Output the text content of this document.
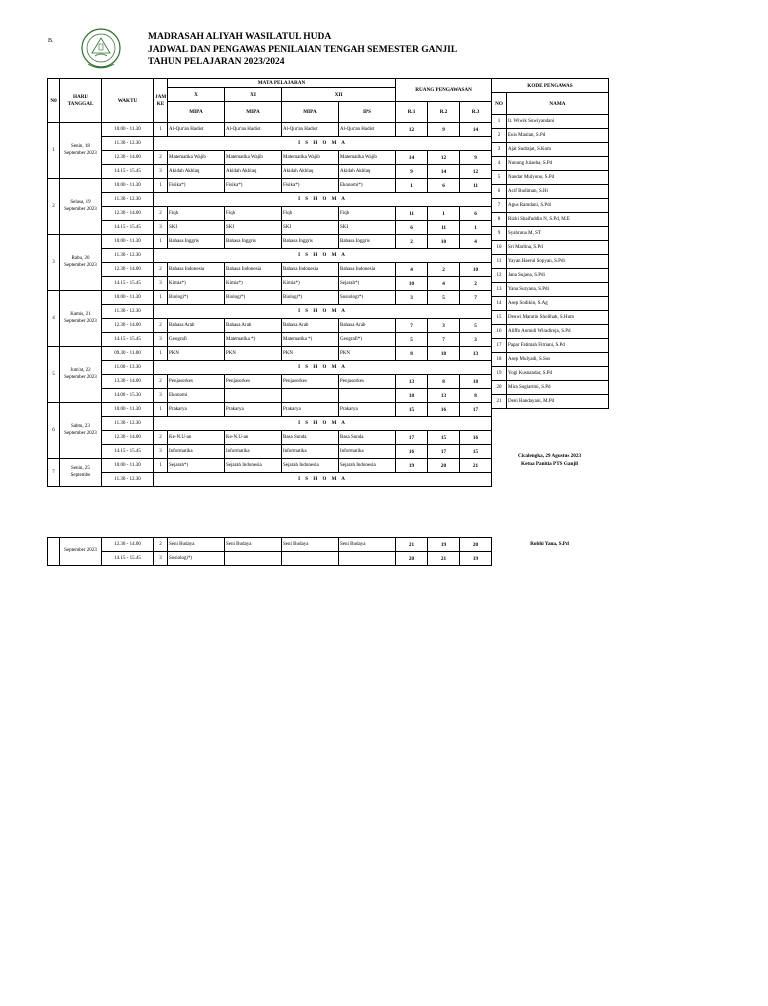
B.	MADRASAH ALIYAH WASILATUL HUDA
JADWAL DAN PENGAWAS PENILAIAN TENGAH SEMESTER GANJIL
TAHUN PELAJARAN 2023/2024
N0	HARI/ TANGGAL	WAKTU	JAM KE	MATA PELAJARAN				RUANG PENGAWASAN		
				X	XI	XII				
				MIPA	MIPA	MIPA	IPS	R.1	R.2	R.3
1	Senin, 18 September 2023	10.00 - 11.30	1	Al-Qur'an Hadist	Al-Qur'an Hadist	Al-Qur'an Hadist	Al-Qur'an Hadist	12	9	14
		11.30 - 12.30	I S H O M A							
		12.30 - 14.00	2	Matematika Wajib	Matematika Wajib	Matematika Wajib	Matematika Wajib	14	12	9
		14.15 - 15.45	3	Akidah Akhlaq	Akidah Akhlaq	Akidah Akhlaq	Akidah Akhlaq	9	14	12
2	Selasa, 19 September 2023	10.00 - 11.30	1	Fisika*)	Fisika*)	Fisika*)	Ekonomi*)	1	6	11
		11.30 - 12.30	I S H O M A							
		12.30 - 14.00	2	Fiqh	Fiqh	Fiqh	Fiqh	11	1	6
		14.15 - 15.45	3	SKI	SKI	SKI	SKI	6	11	1
3	Rabu, 20 September 2023	10.00 - 11.30	1	Bahasa Inggris	Bahasa Inggris	Bahasa Inggris	Bahasa Inggris	2	10	4
		11.30 - 12.30	I S H O M A							
		12.30 - 14.00	2	Bahasa Indonesia	Bahasa Indonesia	Bahasa Indonesia	Bahasa Indonesia	4	2	10
		14.15 - 15.45	3	Kimia*)	Kimia*)	Kimia*)	Sejarah*)	10	4	2
4	Kamis, 21 September 2023	10.00 - 11.30	1	Biologi*)	Biologi*)	Biologi*)	Sosiologi*)	3	5	7
		11.30 - 12.30	I S H O M A							
		12.30 - 14.00	2	Bahasa Arab	Bahasa Arab	Bahasa Arab	Bahasa Arab	7	3	5
		14.15 - 15.45	3	Geografi	Matematika *)	Matematika *)	Geografi*)	5	7	3
5	Jum'at, 22 September 2023	09.30 - 11.00	1	PKN	PKN	PKN	PKN	8	18	13
		11.00 - 13.30	I S H O M A							
		13.30 - 14.00	2	Penjasorkes	Penjasorkes	Penjasorkes	Penjasorkes	13	8	18
		14.00 - 15.30	3	Ekonomi				18	13	8
6	Sabtu, 23 September 2023	10.00 - 11.30	1	Prakarya	Prakarya	Prakarya	Prakarya	15	16	17
		11.30 - 12.30	I S H O M A							
		12.30 - 14.00	2	Ke-N.U-an	Ke-N.U-an	Basa Sunda	Basa Sunda	17	15	16
		14.15 - 15.45	3	Informatika	Informatika	Informatika	Informatika	16	17	15
7	Senin, 25 Septembe	10.00 - 11.30	1	Sejarah*)	Sejarah Indonesia	Sejarah Indonesia	Sejarah Indonesia	19	20	21
		11.30 - 12.30	I S H O M A							
	September 2023	12.30 - 14.00	2	Seni Budaya	Seni Budaya	Seni Budaya	Seni Budaya	21	19	20
		14.15 - 15.45	3	Sosiologi*)				20	21	19
KODE PENGAWAS	
NO	NAMA
1	Ir. Wiwik Suwiyandani
2	Euis Maulan, S.Pd
3	Ajat Sudrajat, S.Kom
4	Nunung Julaeha, S.Pd
5	Nandar Mulyono, S.Pd
6	Acif Budiman, S.Hi
7	Agus Ramdani, S.Pdi
8	Rizki Shaifuddin N, S.Pd, M.E
9	Syahruna M, ST
10	Sri Marlina, S.Pd
11	Yayan Haerul Sopyan, S.Pdi
12	Jana Sujana, S.Pdi
13	Yana Suryana, S.Pdi
14	Asep Sodikin, S.Ag
15	Deuwi Maratin Sholihah, S.Hum
16	Aliffo Anmidi Wiradireja, S.Pd
17	Papar Fatimah Fitriani, S.Pd
18	Asep Mulyadi, S.Sos
19	Yogi Kusnandar, S.Pd
20	Mira Sugiartini, S.Pd
21	Deni Handayani, M.Pd
Cicalengka, 29 Agustus 2023
Ketua Panitia PTS Ganjil
Robhi Yana, S.Pd
